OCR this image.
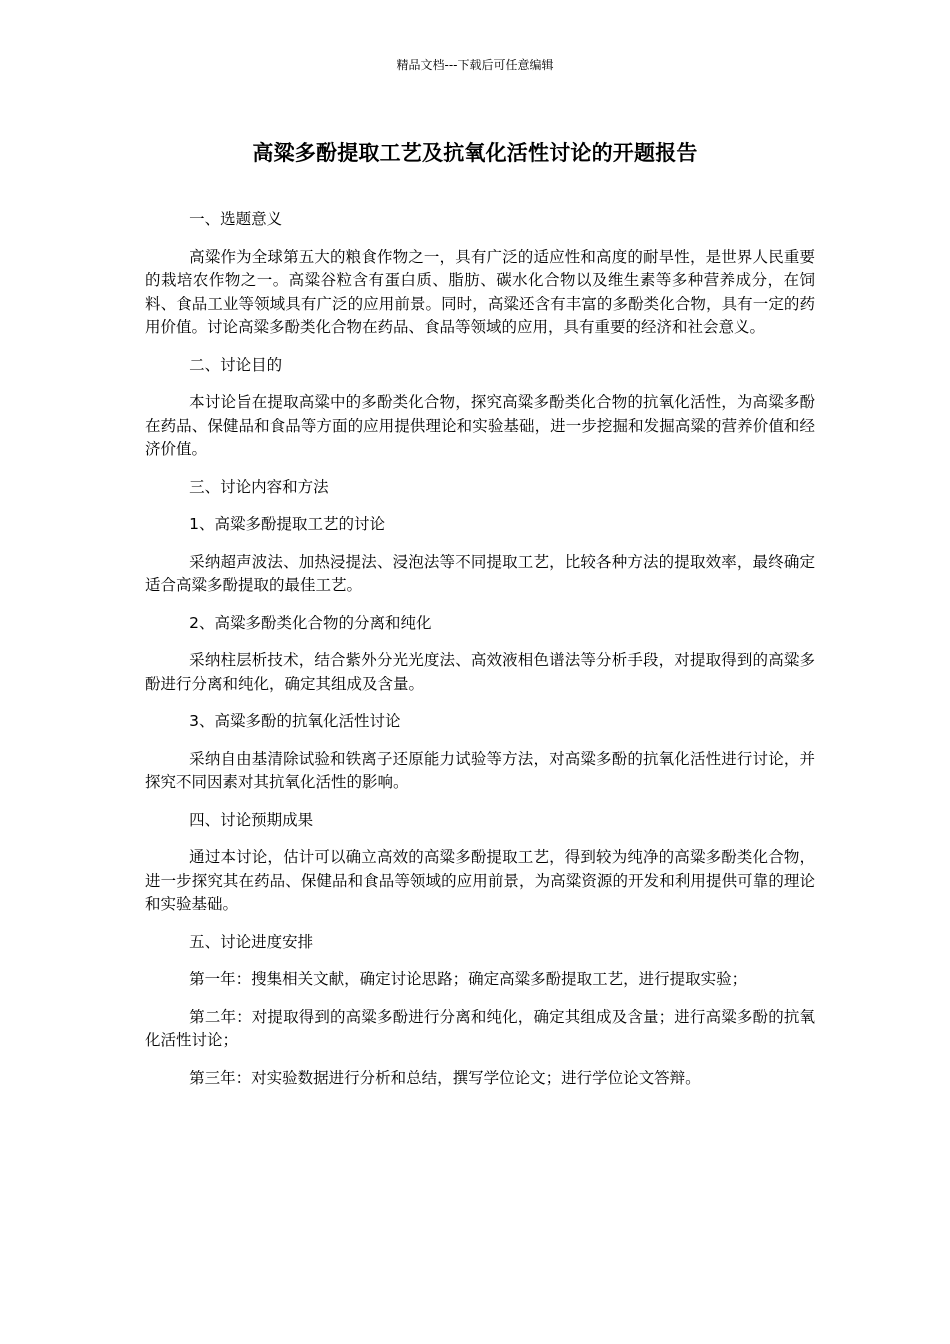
精品文档---下载后可任意编辑
高粱多酚提取工艺及抗氧化活性讨论的开题报告

一、选题意义

高粱作为全球第五大的粮食作物之一，具有广泛的适应性和高度的耐旱性，是世界人民重要的栽培农作物之一。高粱谷粒含有蛋白质、脂肪、碳水化合物以及维生素等多种营养成分，在饲料、食品工业等领域具有广泛的应用前景。同时，高粱还含有丰富的多酚类化合物，具有一定的药用价值。讨论高粱多酚类化合物在药品、食品等领域的应用，具有重要的经济和社会意义。

二、讨论目的

本讨论旨在提取高粱中的多酚类化合物，探究高粱多酚类化合物的抗氧化活性，为高粱多酚在药品、保健品和食品等方面的应用提供理论和实验基础，进一步挖掘和发掘高粱的营养价值和经济价值。

三、讨论内容和方法

1、高粱多酚提取工艺的讨论

采纳超声波法、加热浸提法、浸泡法等不同提取工艺，比较各种方法的提取效率，最终确定适合高粱多酚提取的最佳工艺。

2、高粱多酚类化合物的分离和纯化

采纳柱层析技术，结合紫外分光光度法、高效液相色谱法等分析手段，对提取得到的高粱多酚进行分离和纯化，确定其组成及含量。

3、高粱多酚的抗氧化活性讨论

采纳自由基清除试验和铁离子还原能力试验等方法，对高粱多酚的抗氧化活性进行讨论，并探究不同因素对其抗氧化活性的影响。

四、讨论预期成果

通过本讨论，估计可以确立高效的高粱多酚提取工艺，得到较为纯净的高粱多酚类化合物，进一步探究其在药品、保健品和食品等领域的应用前景，为高粱资源的开发和利用提供可靠的理论和实验基础。

五、讨论进度安排

第一年：搜集相关文献，确定讨论思路；确定高粱多酚提取工艺，进行提取实验；

第二年：对提取得到的高粱多酚进行分离和纯化，确定其组成及含量；进行高粱多酚的抗氧化活性讨论；

第三年：对实验数据进行分析和总结，撰写学位论文；进行学位论文答辩。
